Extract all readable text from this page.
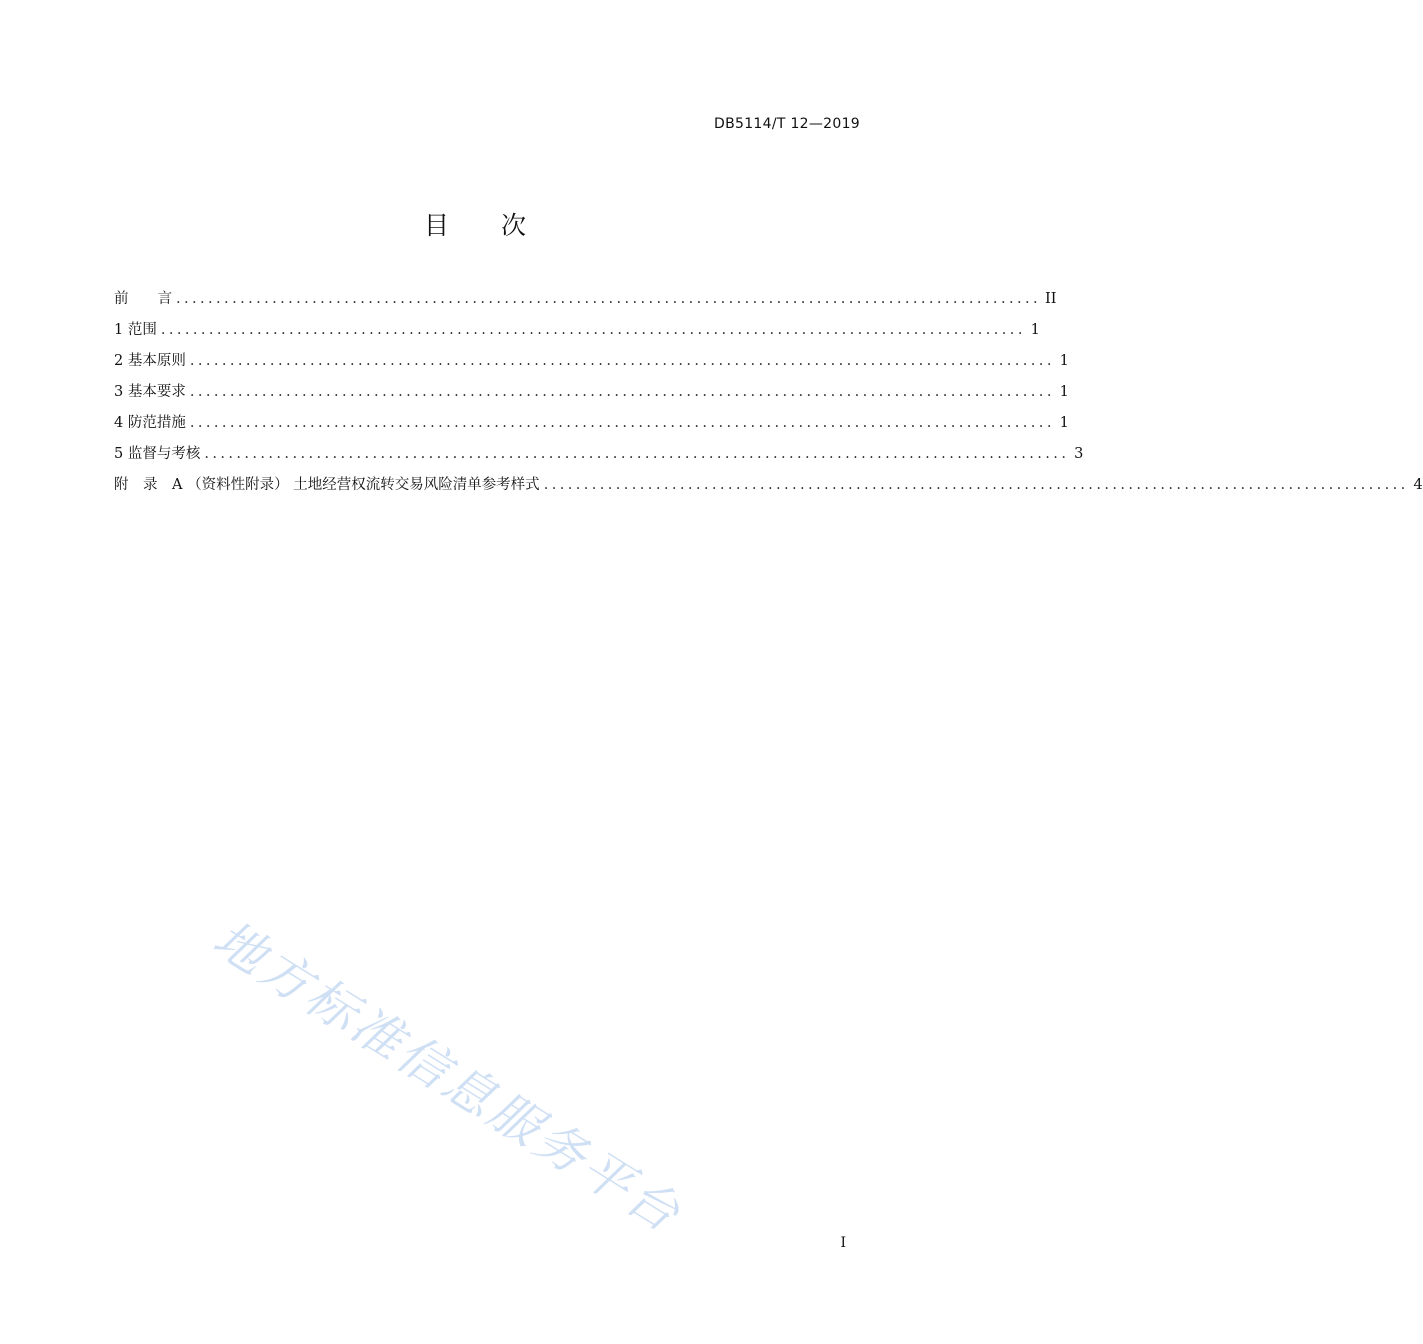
DB5114/T 12—2019
目 次
前　　言 ............................................................................................................ II
1 范围 ............................................................................................................ 1
2 基本原则 ............................................................................................................ 1
3 基本要求 ............................................................................................................ 1
4 防范措施 ............................................................................................................ 1
5 监督与考核 ............................................................................................................ 3
附　录　A （资料性附录） 土地经营权流转交易风险清单参考样式 ............................................................................................................ 4
地方标准信息服务平台	I
